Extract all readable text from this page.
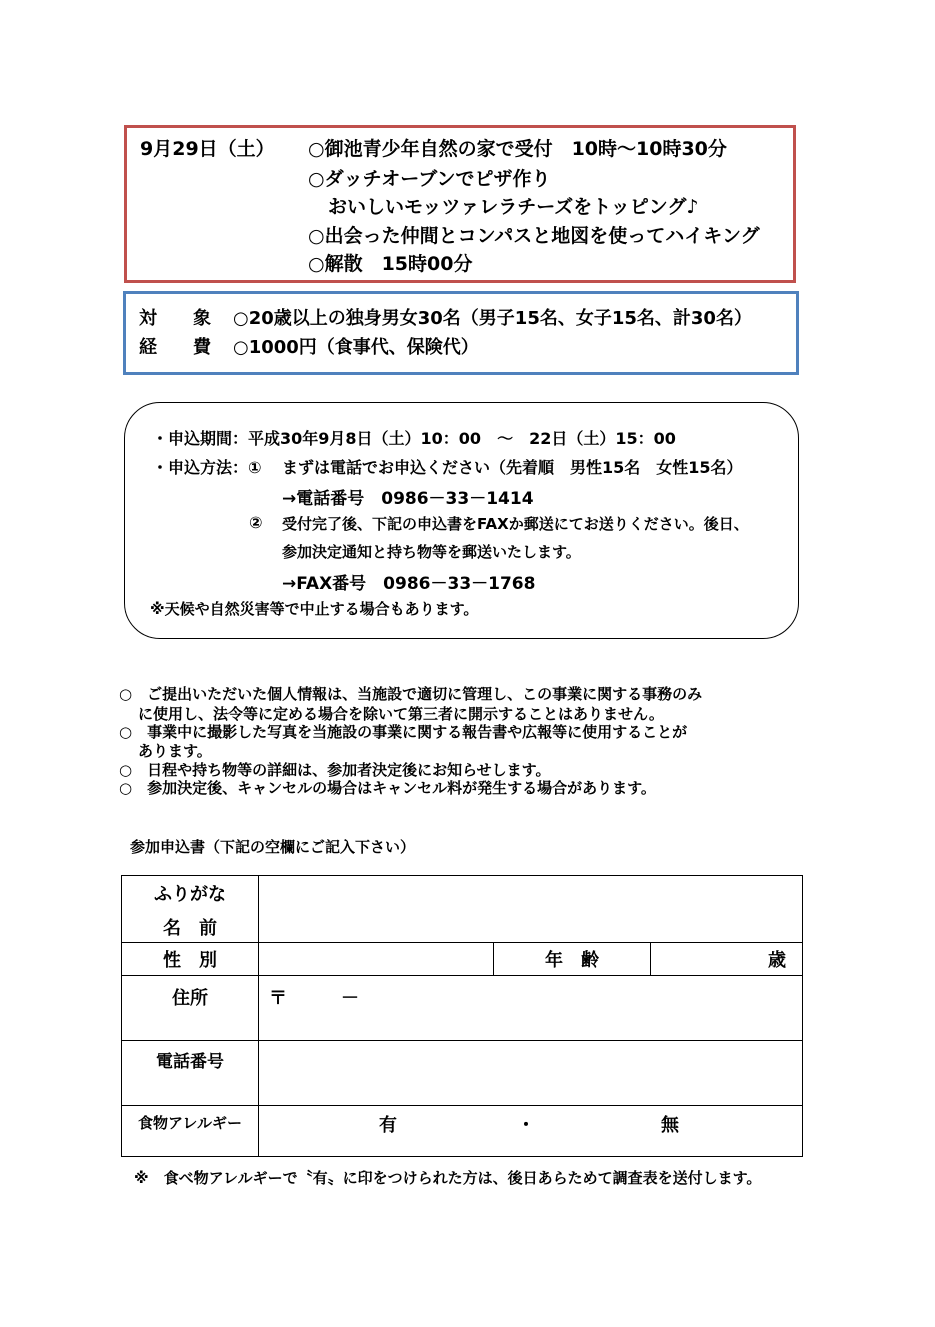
9月29日（土） ○御池青少年自然の家で受付　10時～10時30分
○ダッチオーブンでピザ作り
おいしいモッツァレラチーズをトッピング♪
○出会った仲間とコンパスと地図を使ってハイキング
○解散　15時00分
対　　象 ○20歳以上の独身男女30名（男子15名、女子15名、計30名）
経　　費 ○1000円（食事代、保険代）
・申込期間：平成30年9月8日（土）10：00　～　22日（土）15：00
・申込方法：① まずは電話でお申込ください（先着順　男性15名　女性15名）
→電話番号　0986－33－1414
② 受付完了後、下記の申込書をFAXか郵送にてお送りください。後日、
参加決定通知と持ち物等を郵送いたします。
→FAX番号　0986－33－1768
※天候や自然災害等で中止する場合もあります。
○　ご提出いただいた個人情報は、当施設で適切に管理し、この事業に関する事務のみ
に使用し、法令等に定める場合を除いて第三者に開示することはありません。
○　事業中に撮影した写真を当施設の事業に関する報告書や広報等に使用することが
あります。
○　日程や持ち物等の詳細は、参加者決定後にお知らせします。
○　参加決定後、キャンセルの場合はキャンセル料が発生する場合があります。
参加申込書（下記の空欄にご記入下さい）
ふりがな
名　前			

性　別		年　齢	歳
住所	〒　　　－		
電話番号			
食物アレルギー	有 ・ 無		
※　食べ物アレルギーで〝有〟に印をつけられた方は、後日あらためて調査表を送付します。
